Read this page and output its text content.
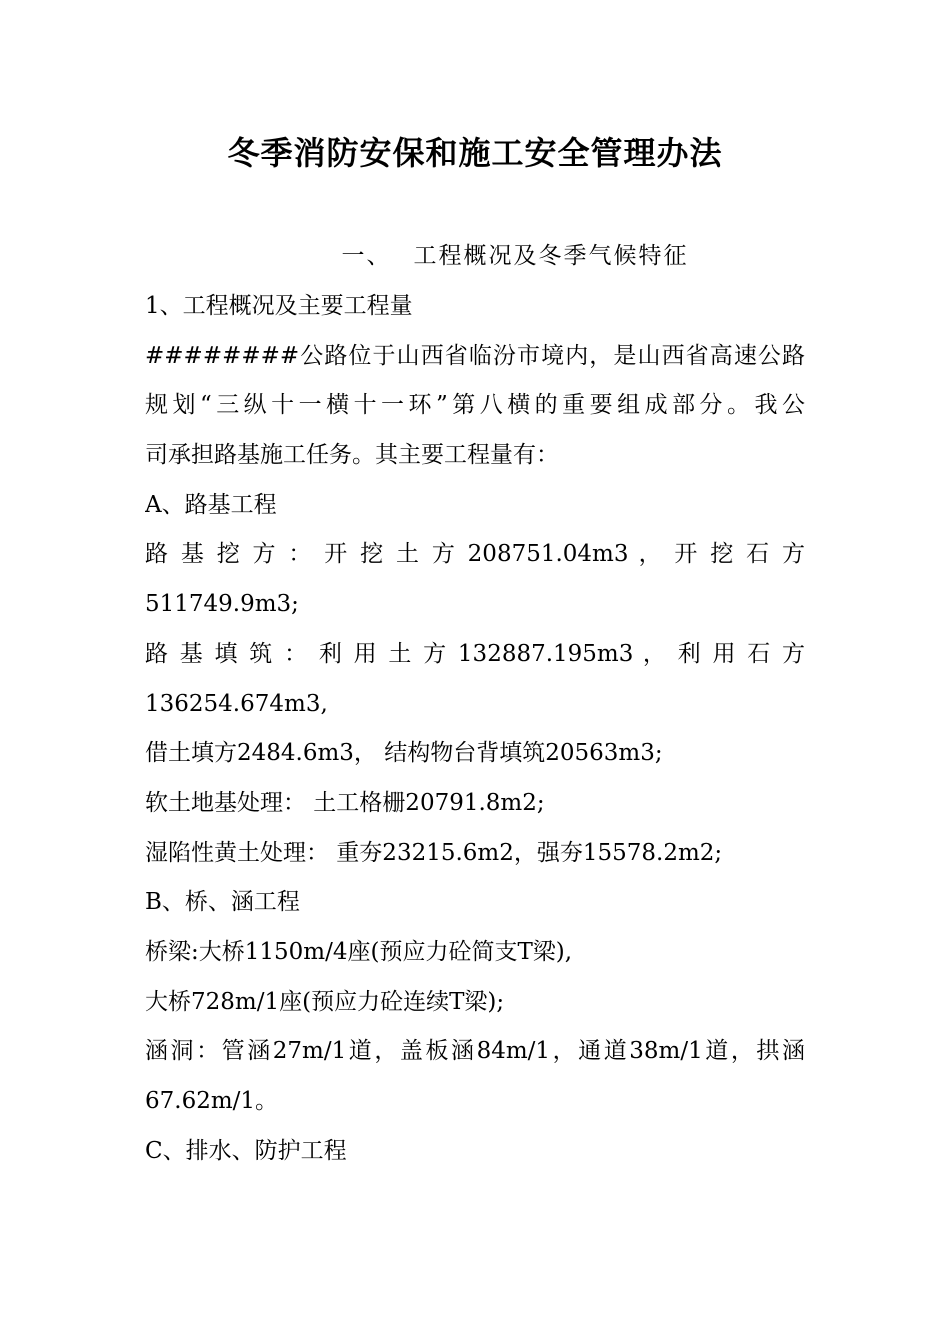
冬季消防安保和施工安全管理办法
一、 工程概况及冬季气候特征
1、工程概况及主要工程量
########公路位于山西省临汾市境内，是山西省高速公路
规划“三纵十一横十一环”第八横的重要组成部分。我公
司承担路基施工任务。其主要工程量有：
A、路基工程
路 基 挖 方 ： 开 挖 土 方 208751.04m3 ， 开 挖 石 方
511749.9m3;
路 基 填 筑 ： 利 用 土 方 132887.195m3 ， 利 用 石 方
136254.674m3,
借土填方2484.6m3， 结构物台背填筑20563m3;
软土地基处理： 土工格栅20791.8m2;
湿陷性黄土处理： 重夯23215.6m2，强夯15578.2m2;
B、桥、涵工程
桥梁:大桥1150m/4座(预应力砼简支T梁),
大桥728m/1座(预应力砼连续T梁);
涵洞：管涵27m/1道，盖板涵84m/1，通道38m/1道，拱涵
67.62m/1。
C、排水、防护工程
